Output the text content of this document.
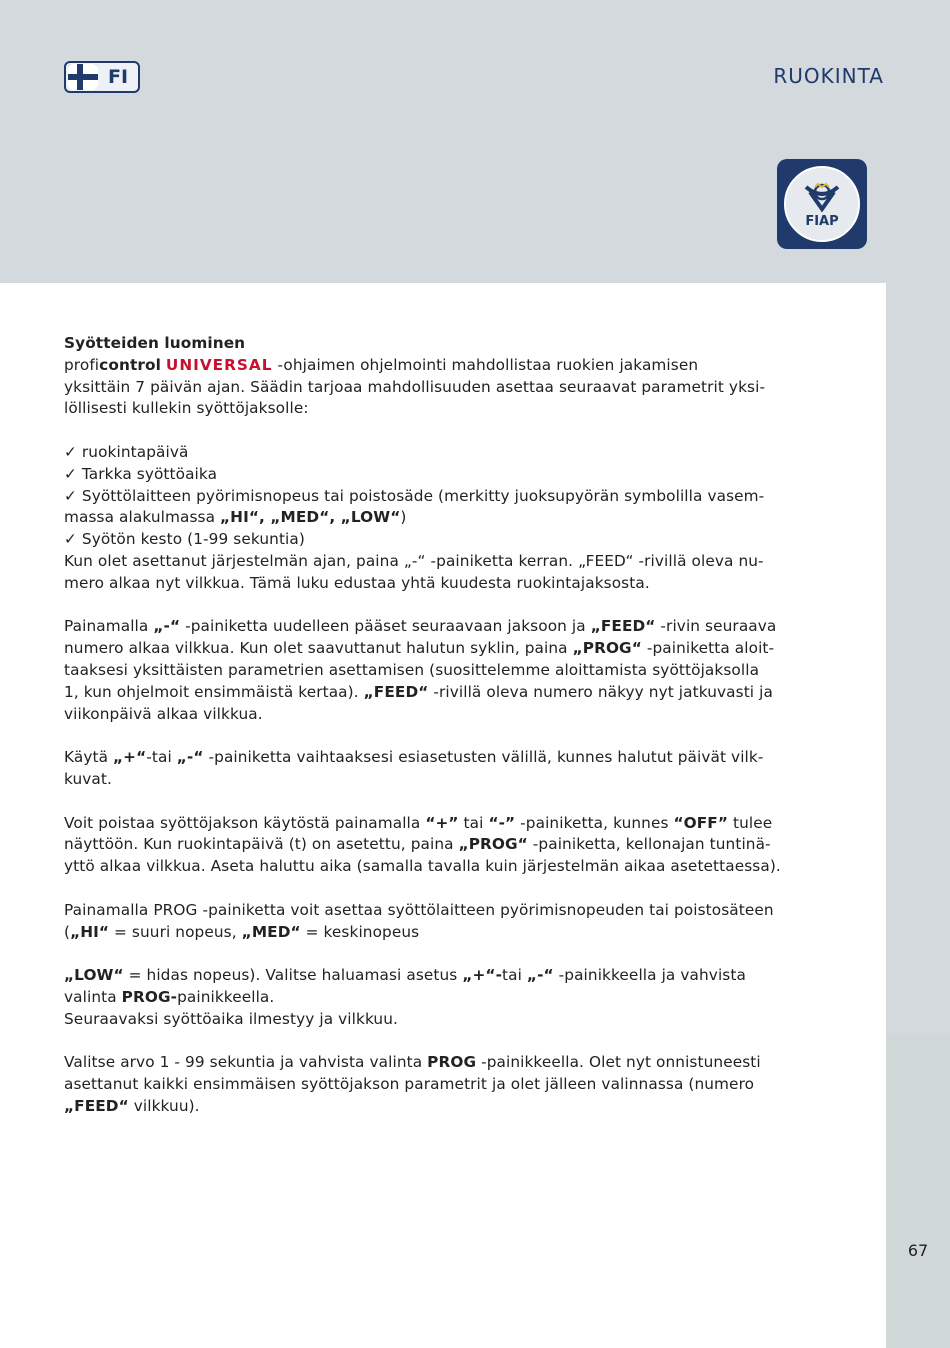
FI	RUOKINTA
FIAP

Syötteiden luominen

proficontrol UNIVERSAL -ohjaimen ohjelmointi mahdollistaa ruokien jakamisen

yksittäin 7 päivän ajan. Säädin tarjoaa mahdollisuuden asettaa seuraavat parametrit yksi-

löllisesti kullekin syöttöjaksolle:

✓ ruokintapäivä

✓ Tarkka syöttöaika

✓ Syöttölaitteen pyörimisnopeus tai poistosäde (merkitty juoksupyörän symbolilla vasem-

massa alakulmassa „HI“, „MED“, „LOW“)

✓ Syötön kesto (1-99 sekuntia)

Kun olet asettanut järjestelmän ajan, paina „-“ -painiketta kerran. „FEED“ -rivillä oleva nu-

mero alkaa nyt vilkkua. Tämä luku edustaa yhtä kuudesta ruokintajaksosta.

Painamalla „-“ -painiketta uudelleen pääset seuraavaan jaksoon ja „FEED“ -rivin seuraava

numero alkaa vilkkua. Kun olet saavuttanut halutun syklin, paina „PROG“ -painiketta aloit-

taaksesi yksittäisten parametrien asettamisen (suosittelemme aloittamista syöttöjaksolla

1, kun ohjelmoit ensimmäistä kertaa). „FEED“ -rivillä oleva numero näkyy nyt jatkuvasti ja

viikonpäivä alkaa vilkkua.

Käytä „+“-tai „-“ -painiketta vaihtaaksesi esiasetusten välillä, kunnes halutut päivät vilk-

kuvat.

Voit poistaa syöttöjakson käytöstä painamalla “+” tai “-” -painiketta, kunnes “OFF” tulee

näyttöön. Kun ruokintapäivä (t) on asetettu, paina „PROG“ -painiketta, kellonajan tuntinä-

yttö alkaa vilkkua. Aseta haluttu aika (samalla tavalla kuin järjestelmän aikaa asetettaessa).

Painamalla PROG -painiketta voit asettaa syöttölaitteen pyörimisnopeuden tai poistosäteen

(„HI“ = suuri nopeus, „MED“ = keskinopeus

„LOW“ = hidas nopeus). Valitse haluamasi asetus „+“-tai „-“ -painikkeella ja vahvista

valinta PROG-painikkeella.

Seuraavaksi syöttöaika ilmestyy ja vilkkuu.

Valitse arvo 1 - 99 sekuntia ja vahvista valinta PROG -painikkeella. Olet nyt onnistuneesti

asettanut kaikki ensimmäisen syöttöjakson parametrit ja olet jälleen valinnassa (numero

„FEED“ vilkkuu).

67
